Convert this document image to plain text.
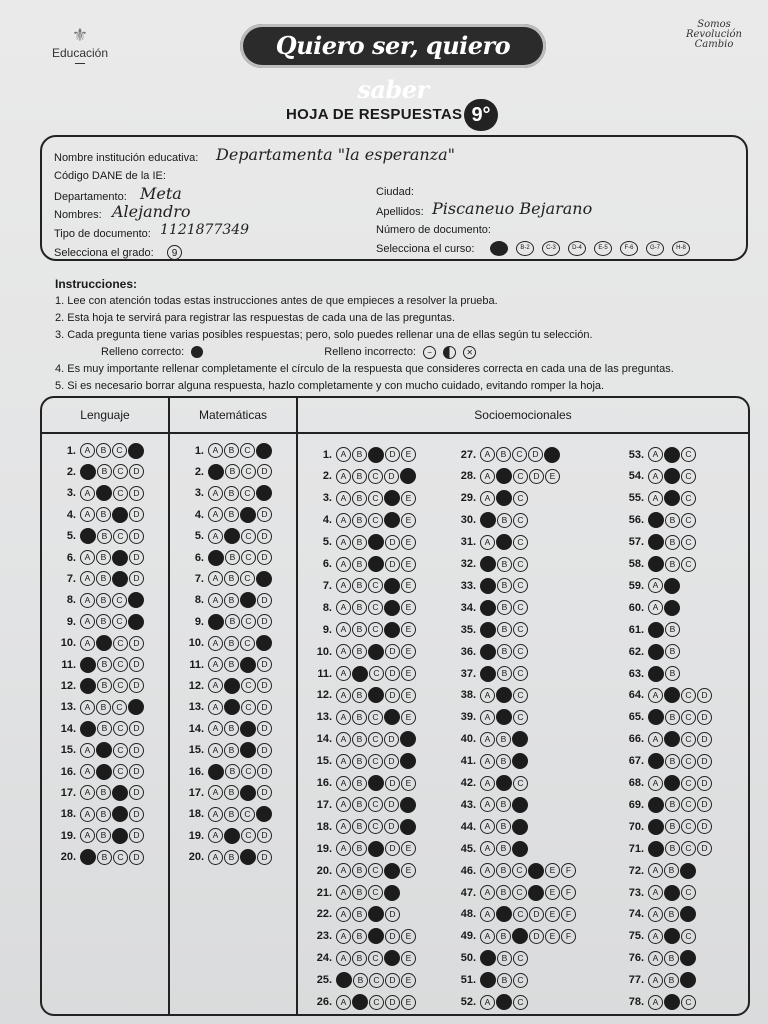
⚜
Educación	Quiero ser, quiero saber
Somos Revolución Cambio
HOJA DE RESPUESTAS 9°
Nombre institución educativa: Departamenta "la esperanza"
Código DANE de la IE:
Departamento: Meta	Ciudad:
Nombres: Alejandro	Apellidos: Piscaneuo Bejarano
Tipo de documento: 1121877349	Número de documento:
Selecciona el grado:	9	Selecciona el curso:	B-1	B-2	C-3	D-4	E-5	F-6	G-7	H-8
Instrucciones:
1. Lee con atención todas estas instrucciones antes de que empieces a resolver la prueba.
2. Esta hoja te servirá para registrar las respuestas de cada una de las preguntas.
3. Cada pregunta tiene varias posibles respuestas; pero, solo puedes rellenar una de ellas según tu selección.
Relleno correcto:	Relleno incorrecto: −	✕
4. Es muy importante rellenar completamente el círculo de la respuesta que consideres correcta en cada una de las preguntas.
5. Si es necesario borrar alguna respuesta, hazlo completamente y con mucho cuidado, evitando romper la hoja.
Lenguaje	Matemáticas	Socioemocionales
1.	A	B	C	D
2.	A	B	C	D
3.	A	B	C	D
4.	A	B	C	D
5.	A	B	C	D
6.	A	B	C	D
7.	A	B	C	D
8.	A	B	C	D
9.	A	B	C	D
10.	A	B	C	D
11.	A	B	C	D
12.	A	B	C	D
13.	A	B	C	D
14.	A	B	C	D
15.	A	B	C	D
16.	A	B	C	D
17.	A	B	C	D
18.	A	B	C	D
19.	A	B	C	D
20.	A	B	C	D
1.	A	B	C	D
2.	A	B	C	D
3.	A	B	C	D
4.	A	B	C	D
5.	A	B	C	D
6.	A	B	C	D
7.	A	B	C	D
8.	A	B	C	D
9.	A	B	C	D
10.	A	B	C	D
11.	A	B	C	D
12.	A	B	C	D
13.	A	B	C	D
14.	A	B	C	D
15.	A	B	C	D
16.	A	B	C	D
17.	A	B	C	D
18.	A	B	C	D
19.	A	B	C	D
20.	A	B	C	D
1.	A	B	C	D	E
2.	A	B	C	D	E
3.	A	B	C	D	E
4.	A	B	C	D	E
5.	A	B	C	D	E
6.	A	B	C	D	E
7.	A	B	C	D	E
8.	A	B	C	D	E
9.	A	B	C	D	E
10.	A	B	C	D	E
11.	A	B	C	D	E
12.	A	B	C	D	E
13.	A	B	C	D	E
14.	A	B	C	D	E
15.	A	B	C	D	E
16.	A	B	C	D	E
17.	A	B	C	D	E
18.	A	B	C	D	E
19.	A	B	C	D	E
20.	A	B	C	D	E
21.	A	B	C	D
22.	A	B	C	D
23.	A	B	C	D	E
24.	A	B	C	D	E
25.	A	B	C	D	E
26.	A	B	C	D	E
27.	A	B	C	D	E
28.	A	B	C	D	E
29.	A	B	C
30.	A	B	C
31.	A	B	C
32.	A	B	C
33.	A	B	C
34.	A	B	C
35.	A	B	C
36.	A	B	C
37.	A	B	C
38.	A	B	C
39.	A	B	C
40.	A	B	C
41.	A	B	C
42.	A	B	C
43.	A	B	C
44.	A	B	C
45.	A	B	C
46.	A	B	C	D	E	F
47.	A	B	C	D	E	F
48.	A	B	C	D	E	F
49.	A	B	C	D	E	F
50.	A	B	C
51.	A	B	C
52.	A	B	C
53.	A	B	C
54.	A	B	C
55.	A	B	C
56.	A	B	C
57.	A	B	C
58.	A	B	C
59.	A	B
60.	A	B
61.	A	B
62.	A	B
63.	A	B
64.	A	B	C	D
65.	A	B	C	D
66.	A	B	C	D
67.	A	B	C	D
68.	A	B	C	D
69.	A	B	C	D
70.	A	B	C	D
71.	A	B	C	D
72.	A	B	C
73.	A	B	C
74.	A	B	C
75.	A	B	C
76.	A	B	C
77.	A	B	C
78.	A	B	C
